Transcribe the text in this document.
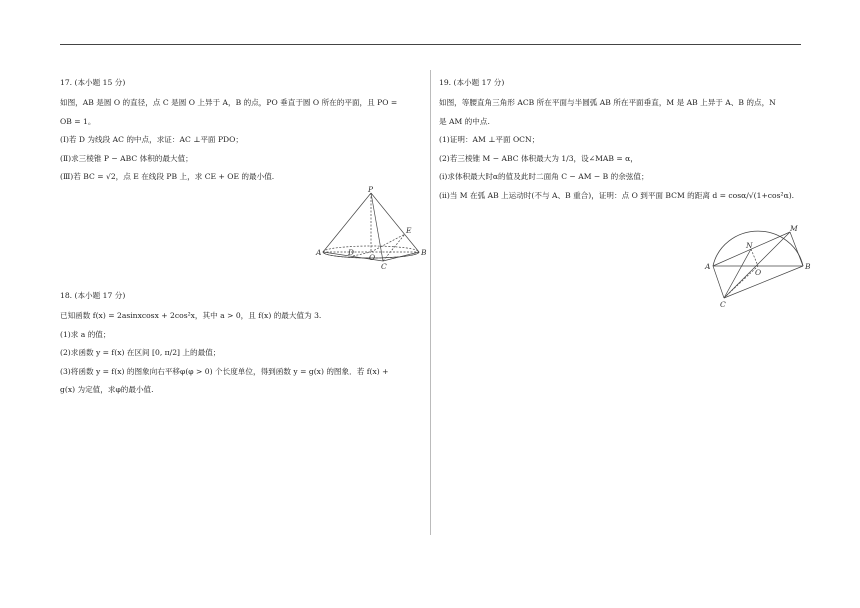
17. (本小题 15 分)

如图，AB 是圆 O 的直径，点 C 是圆 O 上异于 A，B 的点，PO 垂直于圆 O 所在的平面，且 PO =

OB = 1。

(Ⅰ)若 D 为线段 AC 的中点，求证：AC ⊥平面 PDO；

(Ⅱ)求三棱锥 P − ABC 体积的最大值；

(Ⅲ)若 BC = √2，点 E 在线段 PB 上，求 CE + OE 的最小值.

P
A	B
C
D
O
E

18. (本小题 17 分)

已知函数 f(x) = 2asinxcosx + 2cos²x，其中 a > 0，且 f(x) 的最大值为 3.

(1)求 a 的值；

(2)求函数 y = f(x) 在区间 [0, π/2] 上的最值；

(3)将函数 y = f(x) 的图象向右平移φ(φ > 0) 个长度单位，得到函数 y = g(x) 的图象．若 f(x) +

g(x) 为定值，求φ的最小值.

19. (本小题 17 分)

如图，等腰直角三角形 ACB 所在平面与半圆弧 AB 所在平面垂直，M 是 AB 上异于 A、B 的点，N

是 AM 的中点.

(1)证明：AM ⊥平面 OCN；

(2)若三棱锥 M − ABC 体积最大为 1/3，设∠MAB = α，

(i)求体积最大时α的值及此时二面角 C − AM − B 的余弦值；

(ii)当 M 在弧 AB 上运动时(不与 A、B 重合)，证明：点 O 到平面 BCM 的距离 d = cosα/√(1+cos²α).

A	B
C
M
N
O
